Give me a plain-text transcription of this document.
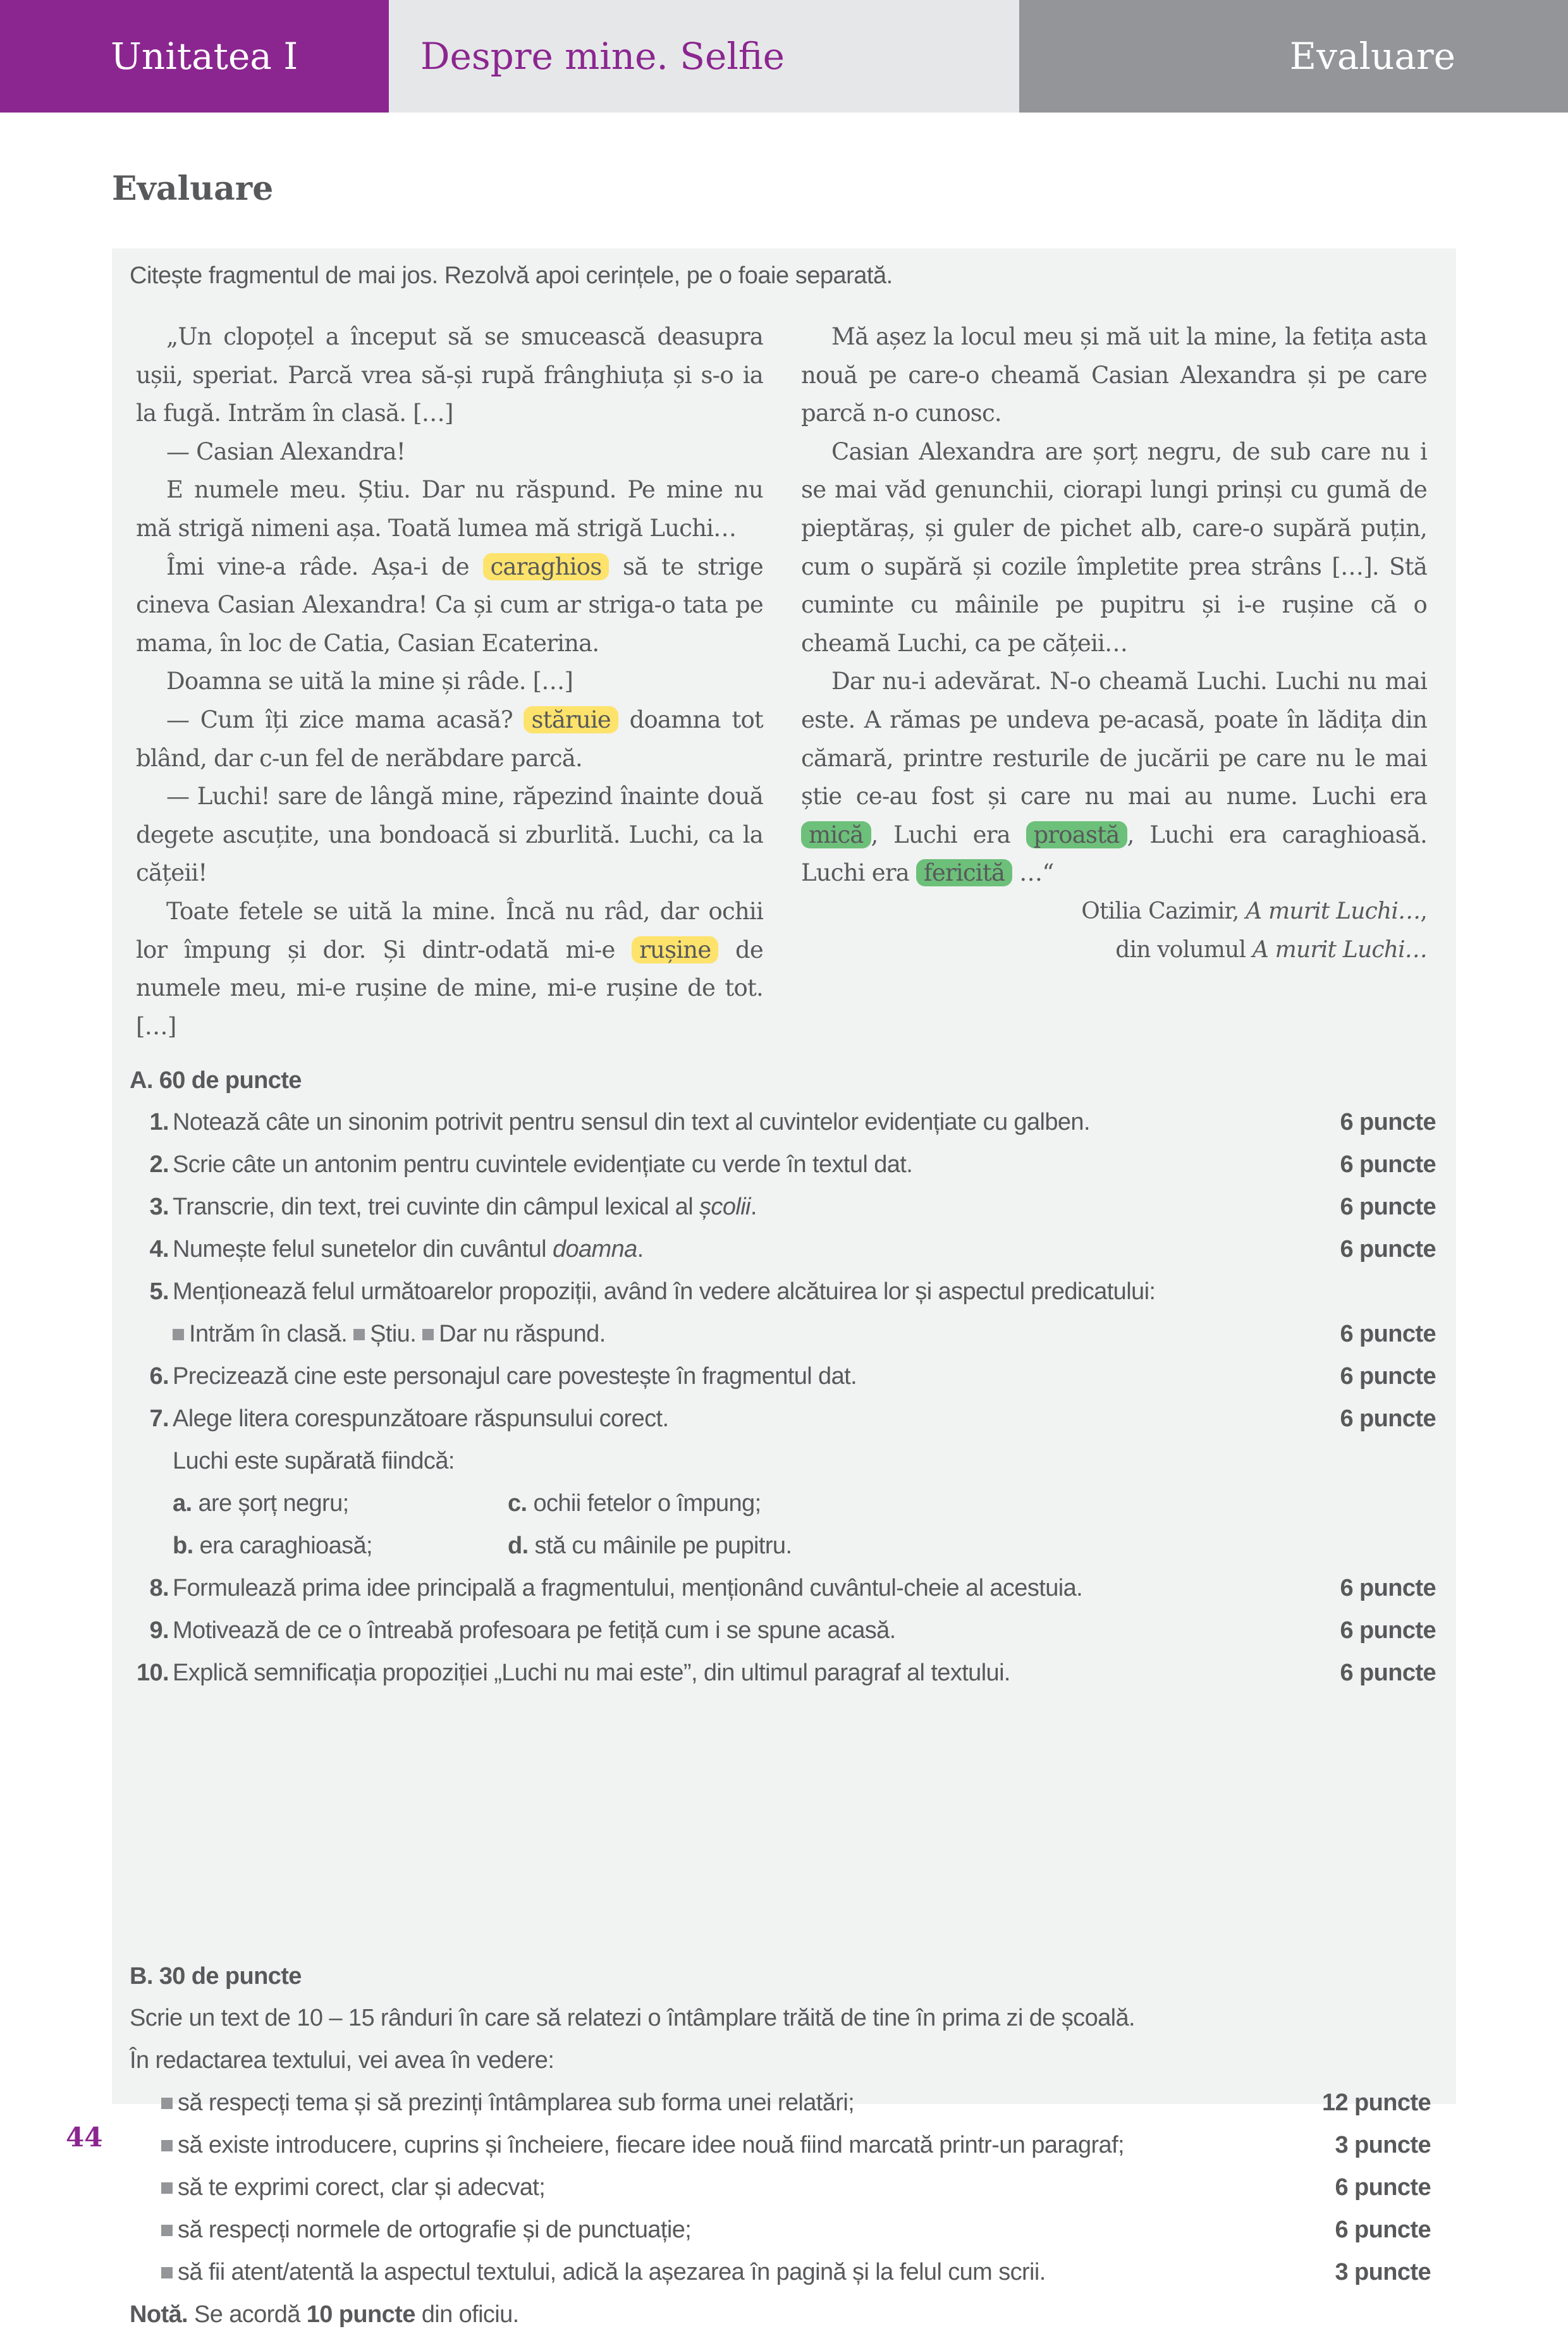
Unitatea I	Despre mine. Selfie	Evaluare
Evaluare
Citește fragmentul de mai jos. Rezolvă apoi cerințele, pe o foaie separată.

„Un clopoțel a început să se smucească deasupra ușii, speriat. Parcă vrea să-și rupă frânghiuța și s-o ia la fugă. Intrăm în clasă. […]

— Casian Alexandra!

E numele meu. Știu. Dar nu răspund. Pe mine nu mă strigă nimeni așa. Toată lumea mă strigă Luchi…

Îmi vine-a râde. Așa-i de caraghios să te strige cineva Casian Alexandra! Ca și cum ar striga-o tata pe mama, în loc de Catia, Casian Ecaterina.

Doamna se uită la mine și râde. […]

— Cum îți zice mama acasă? stăruie doamna tot blând, dar c-un fel de nerăbdare parcă.

— Luchi! sare de lângă mine, răpezind înainte două degete ascuțite, una bondoacă si zburlită. Luchi, ca la cățeii!

Toate fetele se uită la mine. Încă nu râd, dar ochii lor împung și dor. Și dintr-odată mi-e rușine de numele meu, mi-e rușine de mine, mi-e rușine de tot. […]

Mă așez la locul meu și mă uit la mine, la fetița asta nouă pe care-o cheamă Casian Alexandra și pe care parcă n-o cunosc.

Casian Alexandra are șorț negru, de sub care nu i se mai văd genunchii, ciorapi lungi prinși cu gumă de pieptăraș, și guler de pichet alb, care-o supără puțin, cum o supără și cozile împletite prea strâns […]. Stă cuminte cu mâinile pe pupitru și i-e rușine că o cheamă Luchi, ca pe cățeii…

Dar nu-i adevărat. N-o cheamă Luchi. Luchi nu mai este. A rămas pe undeva pe-acasă, poate în lădița din cămară, printre resturile de jucării pe care nu le mai știe ce-au fost și care nu mai au nume. Luchi era mică , Luchi era proastă , Luchi era caraghioasă. Luchi era fericită …“

Otilia Cazimir, A murit Luchi…,

din volumul A murit Luchi…

A. 60 de puncte
1. Notează câte un sinonim potrivit pentru sensul din text al cuvintelor evidențiate cu galben.	6 puncte
2. Scrie câte un antonim pentru cuvintele evidențiate cu verde în textul dat.	6 puncte
3. Transcrie, din text, trei cuvinte din câmpul lexical al școlii.	6 puncte
4. Numește felul sunetelor din cuvântul doamna.	6 puncte
5. Menționează felul următoarelor propoziții, având în vedere alcătuirea lor și aspectul predicatului:
Intrăm în clasă. Știu. Dar nu răspund.	6 puncte
6. Precizează cine este personajul care povestește în fragmentul dat.	6 puncte
7. Alege litera corespunzătoare răspunsului corect.	6 puncte
Luchi este supărată fiindcă:
a. are șorț negru;	c. ochii fetelor o împung;
b. era caraghioasă;	d. stă cu mâinile pe pupitru.
8. Formulează prima idee principală a fragmentului, menționând cuvântul-cheie al acestuia.	6 puncte
9. Motivează de ce o întreabă profesoara pe fetiță cum i se spune acasă.	6 puncte
10. Explică semnificația propoziției „Luchi nu mai este”, din ultimul paragraf al textului.	6 puncte
B. 30 de puncte
Scrie un text de 10 – 15 rânduri în care să relatezi o întâmplare trăită de tine în prima zi de școală.
În redactarea textului, vei avea în vedere:
să respecți tema și să prezinți întâmplarea sub forma unei relatări;	12 puncte
să existe introducere, cuprins și încheiere, fiecare idee nouă fiind marcată printr-un paragraf;	3 puncte
să te exprimi corect, clar și adecvat;	6 puncte
să respecți normele de ortografie și de punctuație;	6 puncte
să fii atent/atentă la aspectul textului, adică la așezarea în pagină și la felul cum scrii.	3 puncte
Notă. Se acordă 10 puncte din oficiu.
44
